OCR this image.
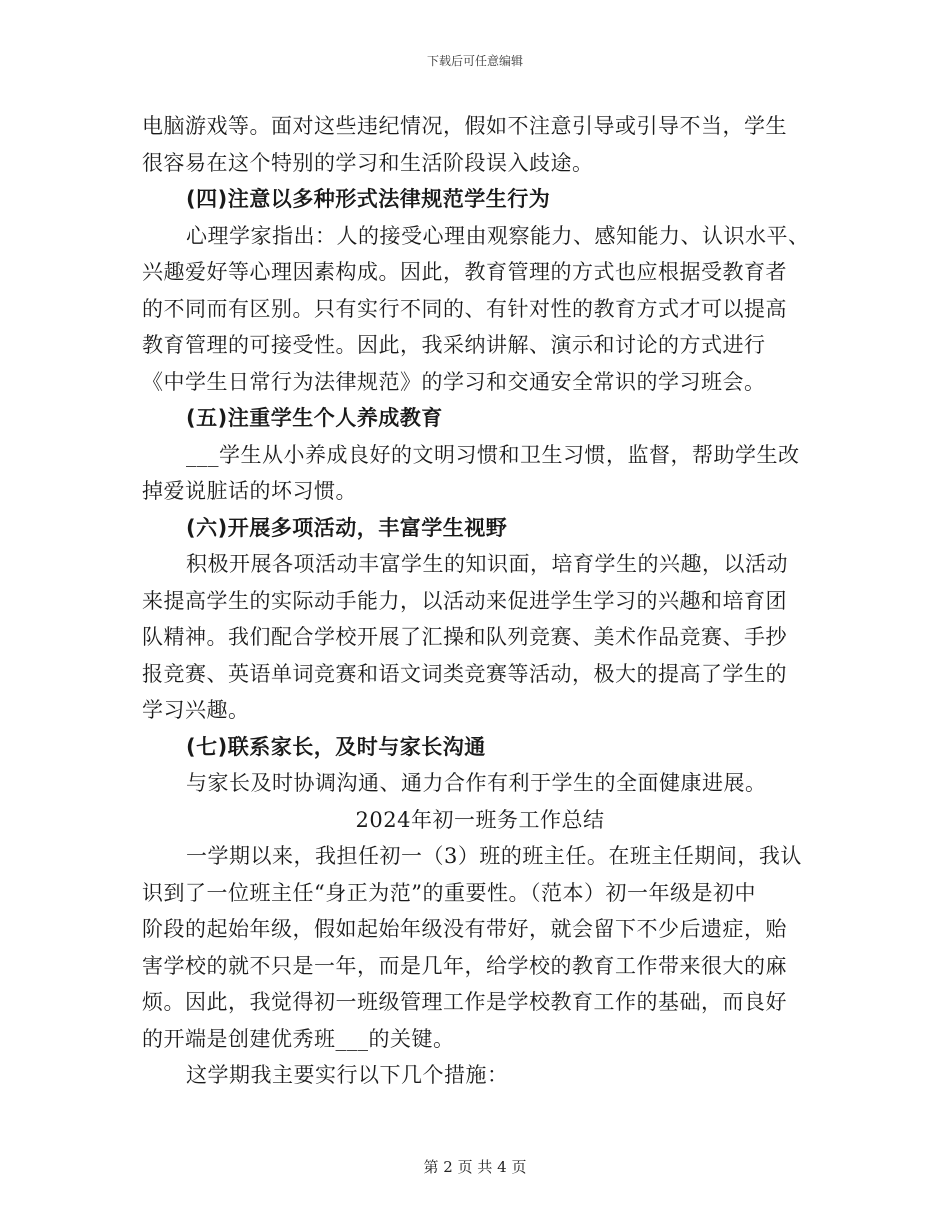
下载后可任意编辑
电脑游戏等。面对这些违纪情况，假如不注意引导或引导不当，学生
很容易在这个特别的学习和生活阶段误入歧途。
(四)注意以多种形式法律规范学生行为
心理学家指出：人的接受心理由观察能力、感知能力、认识水平、
兴趣爱好等心理因素构成。因此，教育管理的方式也应根据受教育者
的不同而有区别。只有实行不同的、有针对性的教育方式才可以提高
教育管理的可接受性。因此，我采纳讲解、演示和讨论的方式进行
《中学生日常行为法律规范》的学习和交通安全常识的学习班会。
(五)注重学生个人养成教育
___学生从小养成良好的文明习惯和卫生习惯，监督，帮助学生改
掉爱说脏话的坏习惯。
(六)开展多项活动，丰富学生视野
积极开展各项活动丰富学生的知识面，培育学生的兴趣，以活动
来提高学生的实际动手能力，以活动来促进学生学习的兴趣和培育团
队精神。我们配合学校开展了汇操和队列竞赛、美术作品竞赛、手抄
报竞赛、英语单词竞赛和语文词类竞赛等活动，极大的提高了学生的
学习兴趣。
(七)联系家长，及时与家长沟通
与家长及时协调沟通、通力合作有利于学生的全面健康进展。
2024年初一班务工作总结
一学期以来，我担任初一（3）班的班主任。在班主任期间，我认
识到了一位班主任“身正为范”的重要性。（范本）初一年级是初中
阶段的起始年级，假如起始年级没有带好，就会留下不少后遗症，贻
害学校的就不只是一年，而是几年，给学校的教育工作带来很大的麻
烦。因此，我觉得初一班级管理工作是学校教育工作的基础，而良好
的开端是创建优秀班___的关键。
这学期我主要实行以下几个措施：
第 2 页 共 4 页
